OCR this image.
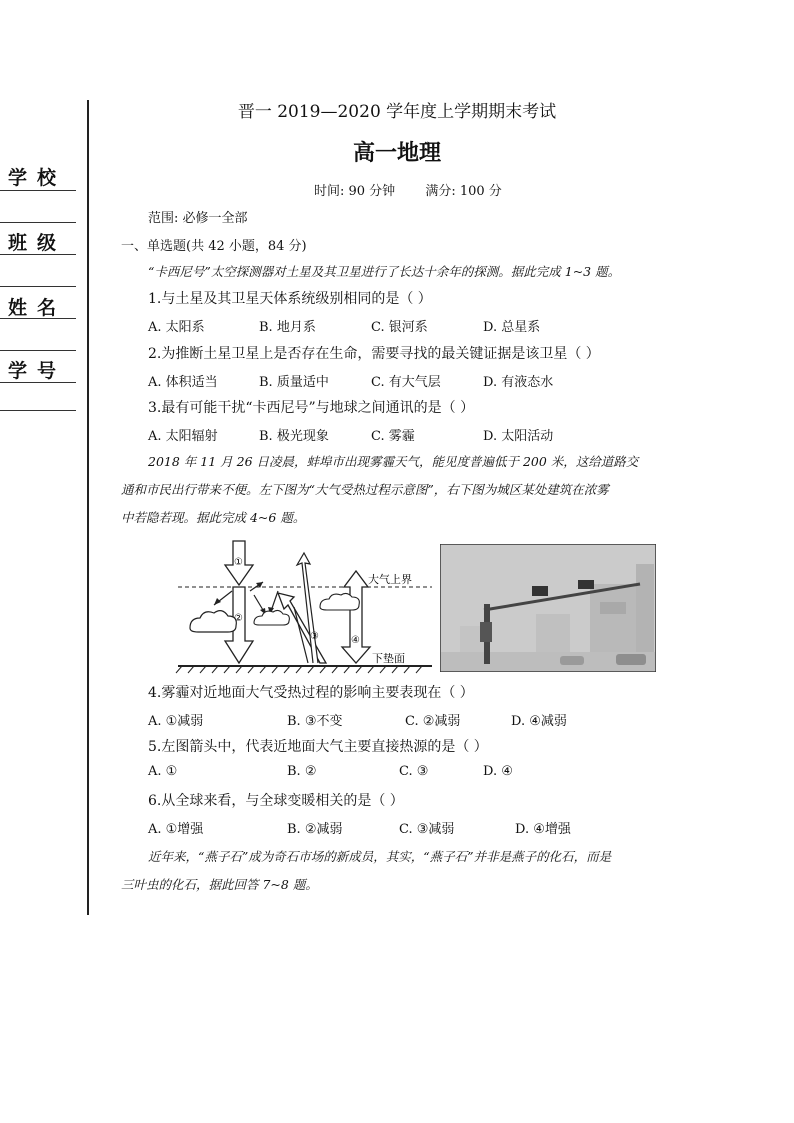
学校
班级
姓名
学号
晋一 2019—2020 学年度上学期期末考试
高一地理
时间: 90 分钟 满分: 100 分
范围: 必修一全部
一、单选题(共 42 小题，84 分)
“卡西尼号”太空探测器对土星及其卫星进行了长达十余年的探测。据此完成 1~3 题。
1.与土星及其卫星天体系统级别相同的是（ ）
A. 太阳系	B. 地月系	C. 银河系	D. 总星系
2.为推断土星卫星上是否存在生命，需要寻找的最关键证据是该卫星（ ）
A. 体积适当	B. 质量适中	C. 有大气层	D. 有液态水
3.最有可能干扰“卡西尼号”与地球之间通讯的是（ ）
A. 太阳辐射	B. 极光现象	C. 雾霾	D. 太阳活动
2018 年 11 月 26 日凌晨，蚌埠市出现雾霾天气，能见度普遍低于 200 米，这给道路交
通和市民出行带来不便。左下图为“大气受热过程示意图”，右下图为城区某处建筑在浓雾
中若隐若现。据此完成 4~6 题。
①
②
③	④
大气上界
下垫面
4.雾霾对近地面大气受热过程的影响主要表现在（ ）
A. ①减弱	B. ③不变	C. ②减弱	D. ④减弱
5.左图箭头中，代表近地面大气主要直接热源的是（ ）
A. ①	B. ②	C. ③	D. ④
6.从全球来看，与全球变暖相关的是（ ）
A. ①增强	B. ②减弱	C. ③减弱	D. ④增强
近年来，“燕子石”成为奇石市场的新成员，其实，“燕子石”并非是燕子的化石，而是
三叶虫的化石，据此回答 7~8 题。
